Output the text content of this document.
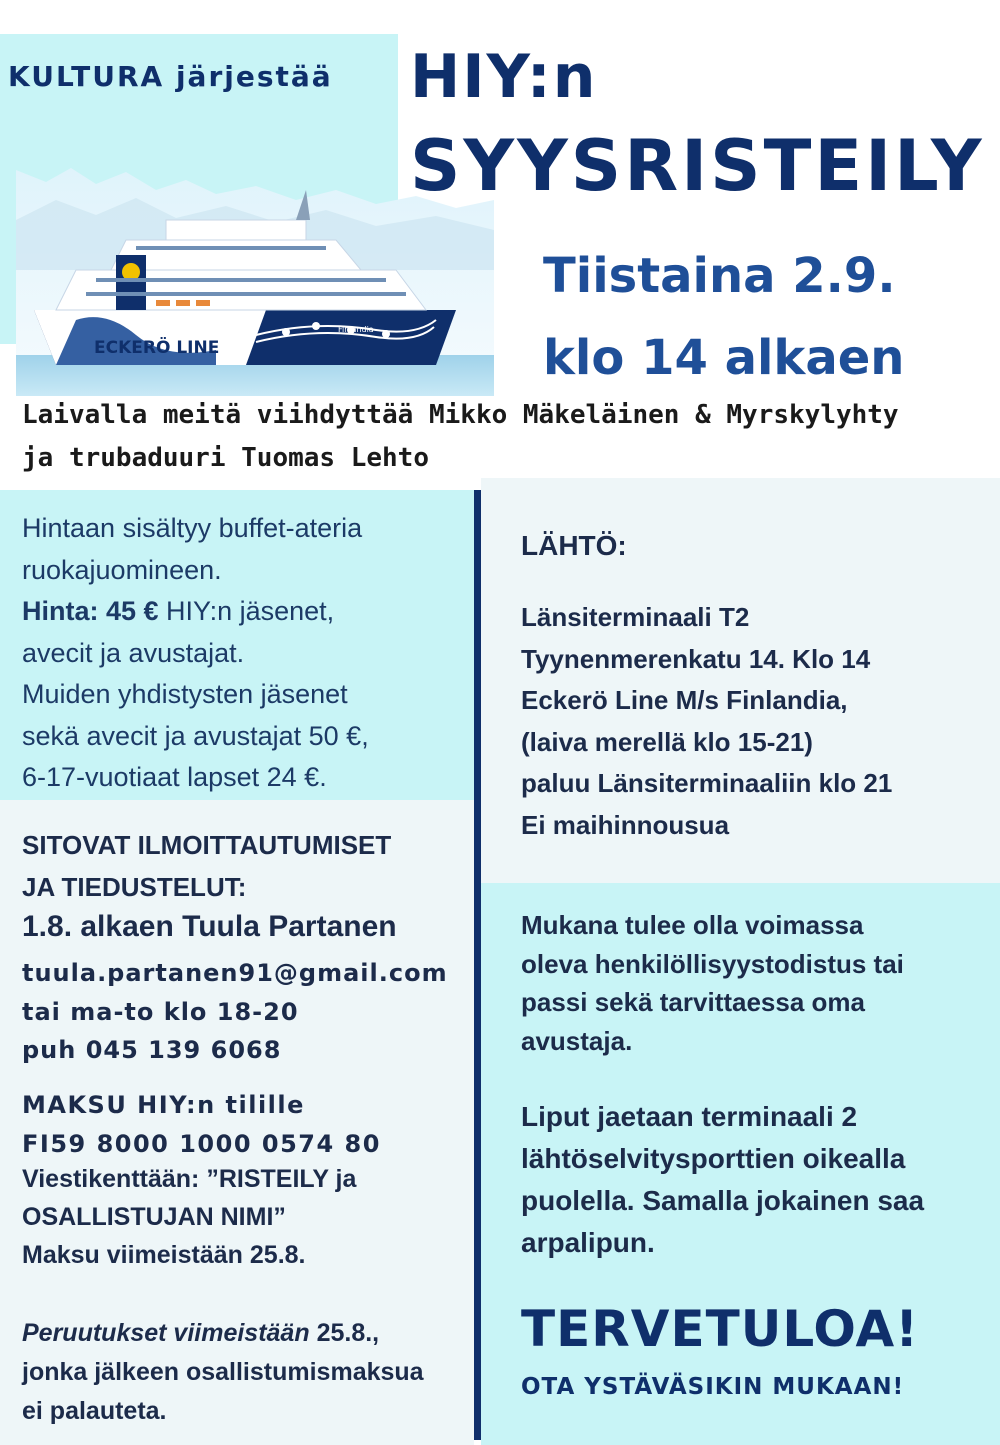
ECKERÖ LINE
Finlandia
KULTURA järjestää HIY:n
SYYSRISTEILY
Tiistaina 2.9.
klo 14 alkaen
Laivalla meitä viihdyttää Mikko Mäkeläinen & Myrskylyhty
ja trubaduuri Tuomas Lehto
Hintaan sisältyy buffet-ateria
ruokajuomineen.
Hinta: 45 € HIY:n jäsenet,
avecit ja avustajat.
Muiden yhdistysten jäsenet
sekä avecit ja avustajat 50 €,
6-17-vuotiaat lapset 24 €.
SITOVAT ILMOITTAUTUMISET
JA TIEDUSTELUT:
1.8. alkaen Tuula Partanen
tuula.partanen91@gmail.com
tai ma-to klo 18-20
puh 045 139 6068
MAKSU HIY:n tilille
FI59 8000 1000 0574 80
Viestikenttään: ”RISTEILY ja
OSALLISTUJAN NIMI”
Maksu viimeistään 25.8.
Peruutukset viimeistään 25.8.,
jonka jälkeen osallistumismaksua
ei palauteta.
LÄHTÖ:
Länsiterminaali T2
Tyynenmerenkatu 14. Klo 14
Eckerö Line M/s Finlandia,
(laiva merellä klo 15-21)
paluu Länsiterminaaliin klo 21
Ei maihinnousua
Mukana tulee olla voimassa
oleva henkilöllisyystodistus tai
passi sekä tarvittaessa oma
avustaja.
Liput jaetaan terminaali 2
lähtöselvitysporttien oikealla
puolella. Samalla jokainen saa
arpalipun.
TERVETULOA!
OTA YSTÄVÄSIKIN MUKAAN!
